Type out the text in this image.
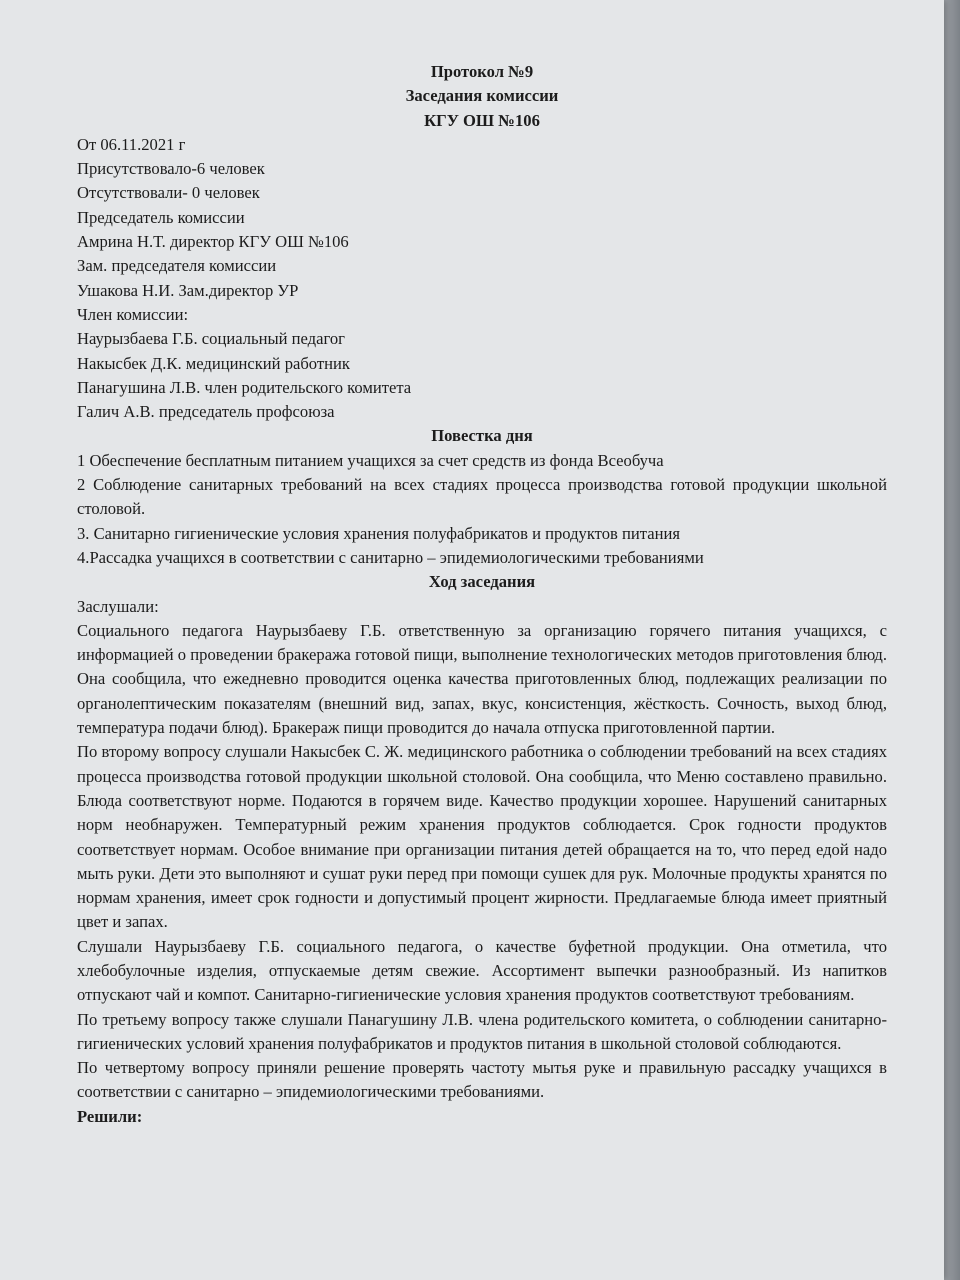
Протокол №9
Заседания комиссии
КГУ ОШ №106
От 06.11.2021 г
Присутствовало-6 человек
Отсутствовали- 0 человек
Председатель комиссии
Амрина Н.Т. директор КГУ ОШ №106
Зам. председателя комиссии
Ушакова Н.И. Зам.директор УР
Член комиссии:
Наурызбаева Г.Б. социальный педагог
Накысбек Д.К. медицинский работник
Панагушина Л.В. член родительского комитета
Галич А.В. председатель профсоюза
Повестка дня
1 Обеспечение бесплатным питанием учащихся за счет средств из фонда Всеобуча
2 Соблюдение санитарных требований на всех стадиях процесса производства готовой продукции школьной столовой.
3. Санитарно гигиенические условия хранения полуфабрикатов и продуктов питания
4.Рассадка учащихся в соответствии с санитарно – эпидемиологическими требованиями
Ход заседания
Заслушали:
Социального педагога Наурызбаеву Г.Б. ответственную за организацию горячего питания учащихся, с информацией о проведении бракеража готовой пищи, выполнение технологических методов приготовления блюд. Она сообщила, что ежедневно проводится оценка качества приготовленных блюд, подлежащих реализации по органолептическим показателям (внешний вид, запах, вкус, консистенция, жёсткость. Сочность, выход блюд, температура подачи блюд). Бракераж пищи проводится до начала отпуска приготовленной партии.
По второму вопросу слушали Накысбек С. Ж. медицинского работника о соблюдении требований на всех стадиях процесса производства готовой продукции школьной столовой. Она сообщила, что Меню составлено правильно. Блюда соответствуют норме. Подаются в горячем виде. Качество продукции хорошее. Нарушений санитарных норм необнаружен. Температурный режим хранения продуктов соблюдается. Срок годности продуктов соответствует нормам. Особое внимание при организации питания детей обращается на то, что перед едой надо мыть руки. Дети это выполняют и сушат руки перед при помощи сушек для рук. Молочные продукты хранятся по нормам хранения, имеет срок годности и допустимый процент жирности. Предлагаемые блюда имеет приятный цвет и запах.
Слушали Наурызбаеву Г.Б. социального педагога, о качестве буфетной продукции. Она отметила, что хлебобулочные изделия, отпускаемые детям свежие. Ассортимент выпечки разнообразный. Из напитков отпускают чай и компот. Санитарно-гигиенические условия хранения продуктов соответствуют требованиям.
По третьему вопросу также слушали Панагушину Л.В. члена родительского комитета, о соблюдении санитарно-гигиенических условий хранения полуфабрикатов и продуктов питания в школьной столовой соблюдаются.
По четвертому вопросу приняли решение проверять частоту мытья руке и правильную рассадку учащихся в соответствии с санитарно – эпидемиологическими требованиями.
Решили:
